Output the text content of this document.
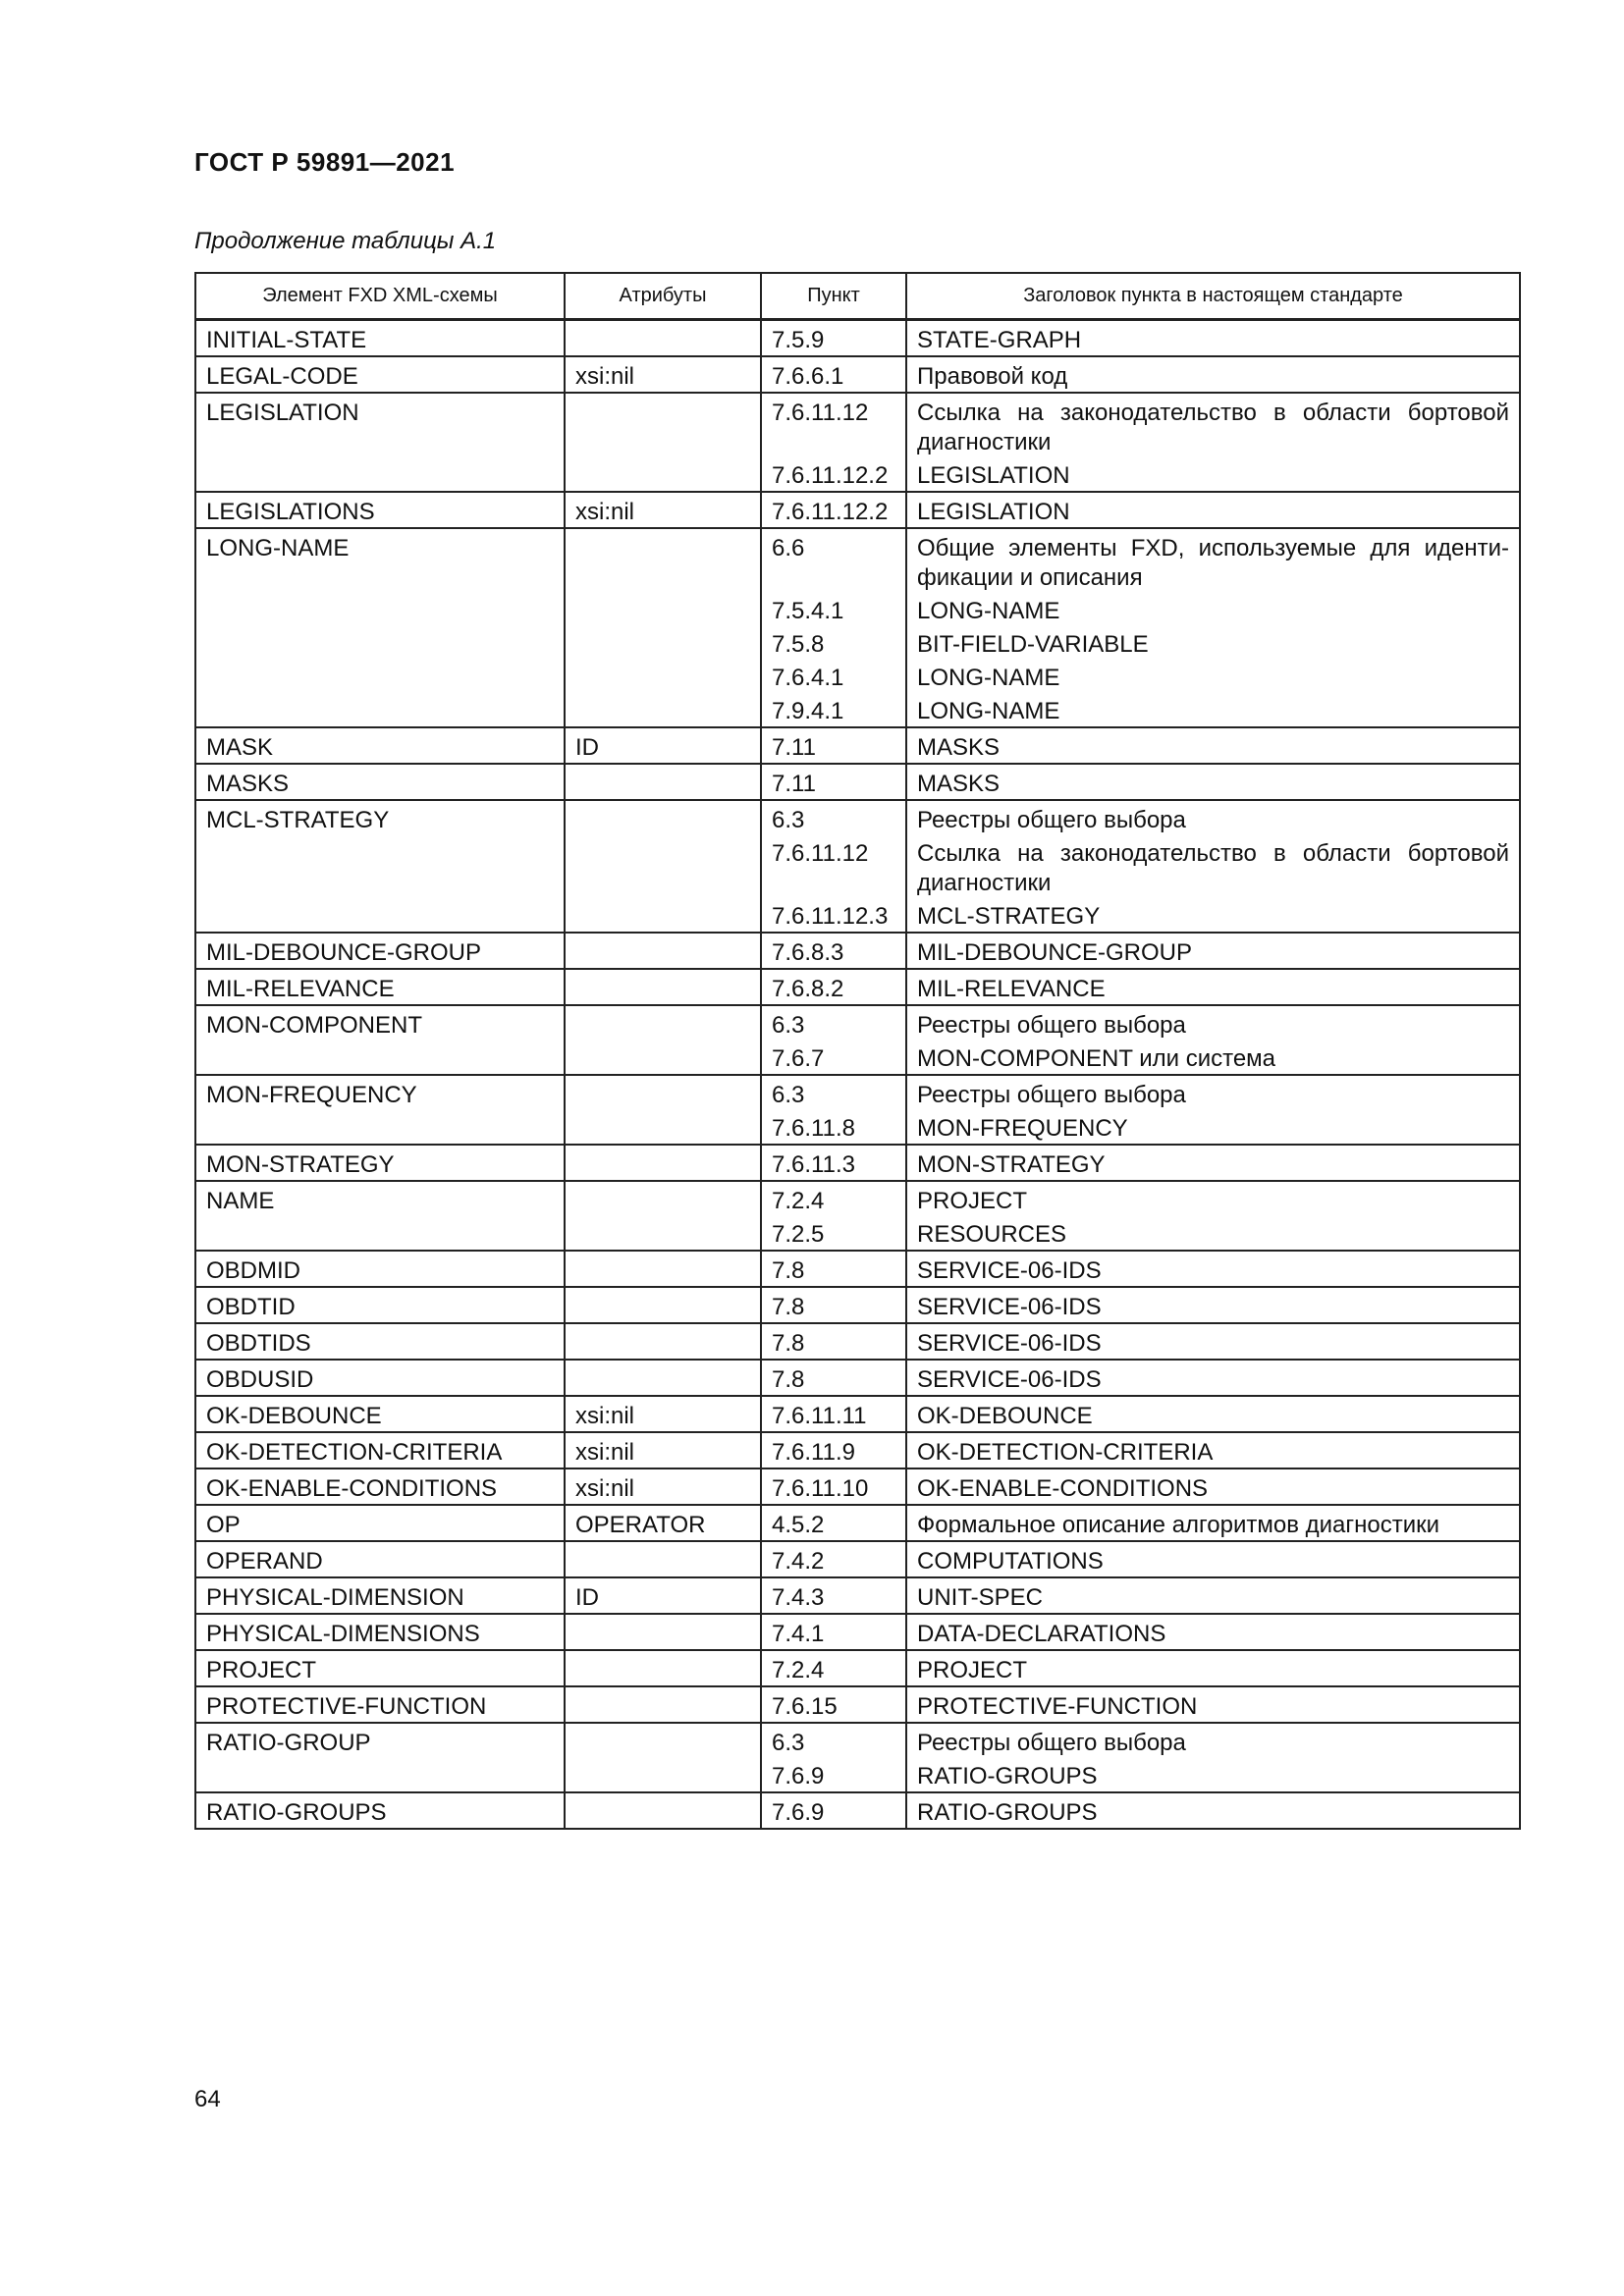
ГОСТ Р 59891—2021
Продолжение таблицы А.1
Элемент FXD XML-схемы	Атрибуты	Пункт	Заголовок пункта в настоящем стандарте
INITIAL-STATE		7.5.9	STATE-GRAPH
LEGAL-CODE	xsi:nil	7.6.6.1	Правовой код
LEGISLATION		7.6.11.12	Ссылка на законодательство в области бортовой диагностики
		7.6.11.12.2	LEGISLATION
LEGISLATIONS	xsi:nil	7.6.11.12.2	LEGISLATION
LONG-NAME		6.6	Общие элементы FXD, используемые для иденти-фикации и описания
		7.5.4.1	LONG-NAME
		7.5.8	BIT-FIELD-VARIABLE
		7.6.4.1	LONG-NAME
		7.9.4.1	LONG-NAME
MASK	ID	7.11	MASKS
MASKS		7.11	MASKS
MCL-STRATEGY		6.3	Реестры общего выбора
		7.6.11.12	Ссылка на законодательство в области бортовой диагностики
		7.6.11.12.3	MCL-STRATEGY
MIL-DEBOUNCE-GROUP		7.6.8.3	MIL-DEBOUNCE-GROUP
MIL-RELEVANCE		7.6.8.2	MIL-RELEVANCE
MON-COMPONENT		6.3	Реестры общего выбора
		7.6.7	MON-COMPONENT или система
MON-FREQUENCY		6.3	Реестры общего выбора
		7.6.11.8	MON-FREQUENCY
MON-STRATEGY		7.6.11.3	MON-STRATEGY
NAME		7.2.4	PROJECT
		7.2.5	RESOURCES
OBDMID		7.8	SERVICE-06-IDS
OBDTID		7.8	SERVICE-06-IDS
OBDTIDS		7.8	SERVICE-06-IDS
OBDUSID		7.8	SERVICE-06-IDS
OK-DEBOUNCE	xsi:nil	7.6.11.11	OK-DEBOUNCE
OK-DETECTION-CRITERIA	xsi:nil	7.6.11.9	OK-DETECTION-CRITERIA
OK-ENABLE-CONDITIONS	xsi:nil	7.6.11.10	OK-ENABLE-CONDITIONS
OP	OPERATOR	4.5.2	Формальное описание алгоритмов диагностики
OPERAND		7.4.2	COMPUTATIONS
PHYSICAL-DIMENSION	ID	7.4.3	UNIT-SPEC
PHYSICAL-DIMENSIONS		7.4.1	DATA-DECLARATIONS
PROJECT		7.2.4	PROJECT
PROTECTIVE-FUNCTION		7.6.15	PROTECTIVE-FUNCTION
RATIO-GROUP		6.3	Реестры общего выбора
		7.6.9	RATIO-GROUPS
RATIO-GROUPS		7.6.9	RATIO-GROUPS
64
